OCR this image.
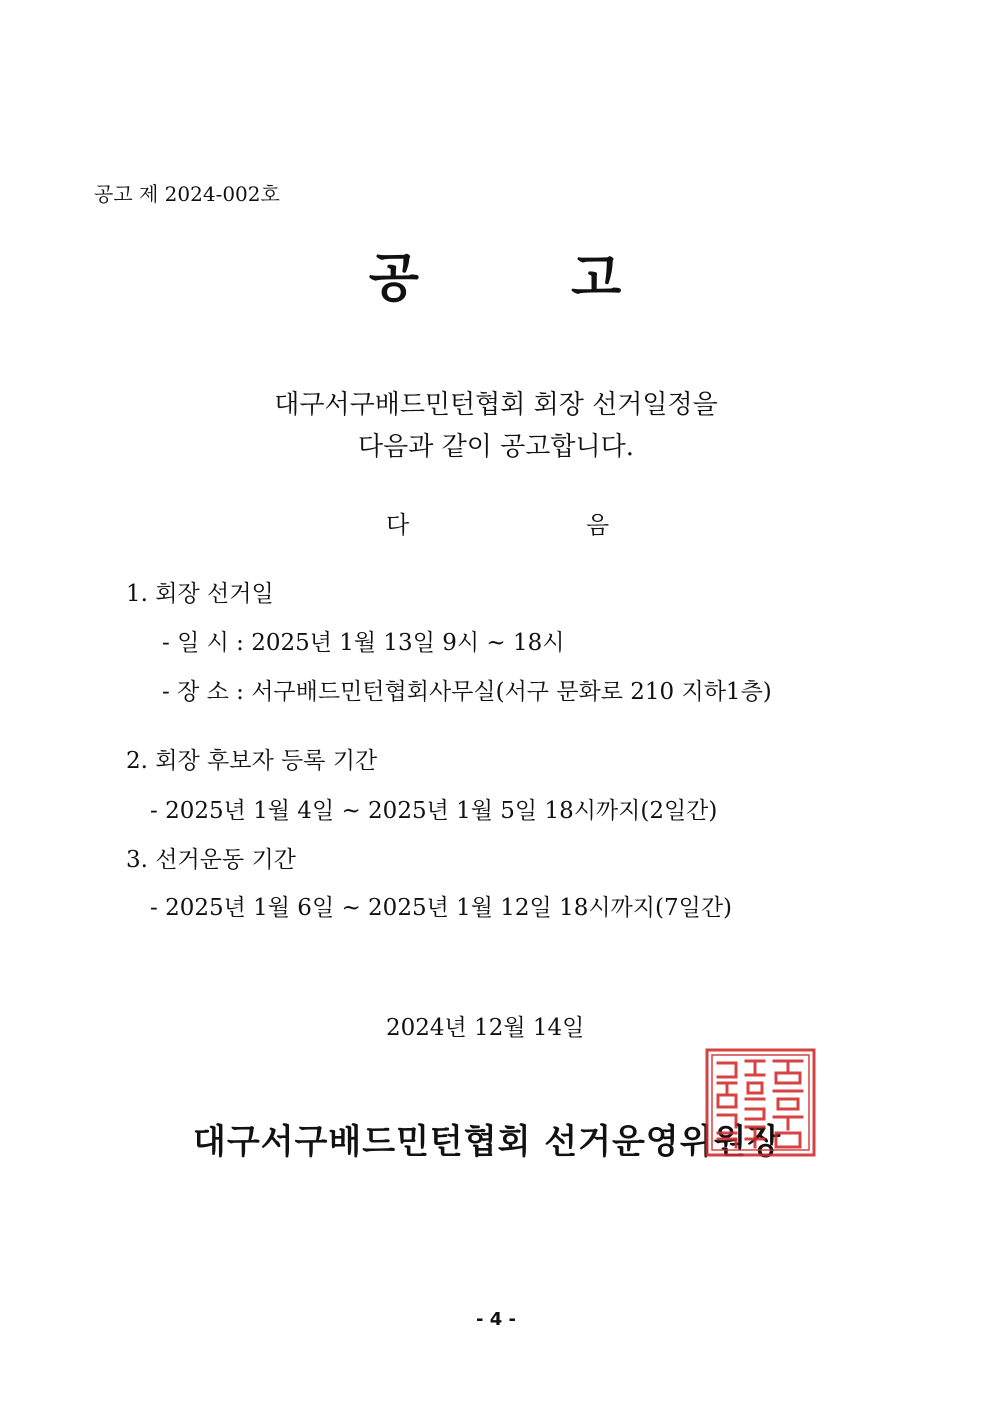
공고 제 2024-002호
공	고
대구서구배드민턴협회 회장 선거일정을
다음과 같이 공고합니다.
다	음
1. 회장 선거일
- 일 시 : 2025년 1월 13일 9시 ~ 18시
- 장 소 : 서구배드민턴협회사무실(서구 문화로 210 지하1층)
2. 회장 후보자 등록 기간
- 2025년 1월 4일 ~ 2025년 1월 5일 18시까지(2일간)
3. 선거운동 기간
- 2025년 1월 6일 ~ 2025년 1월 12일 18시까지(7일간)
2024년 12월 14일
대구서구배드민턴협회 선거운영위원장
- 4 -
